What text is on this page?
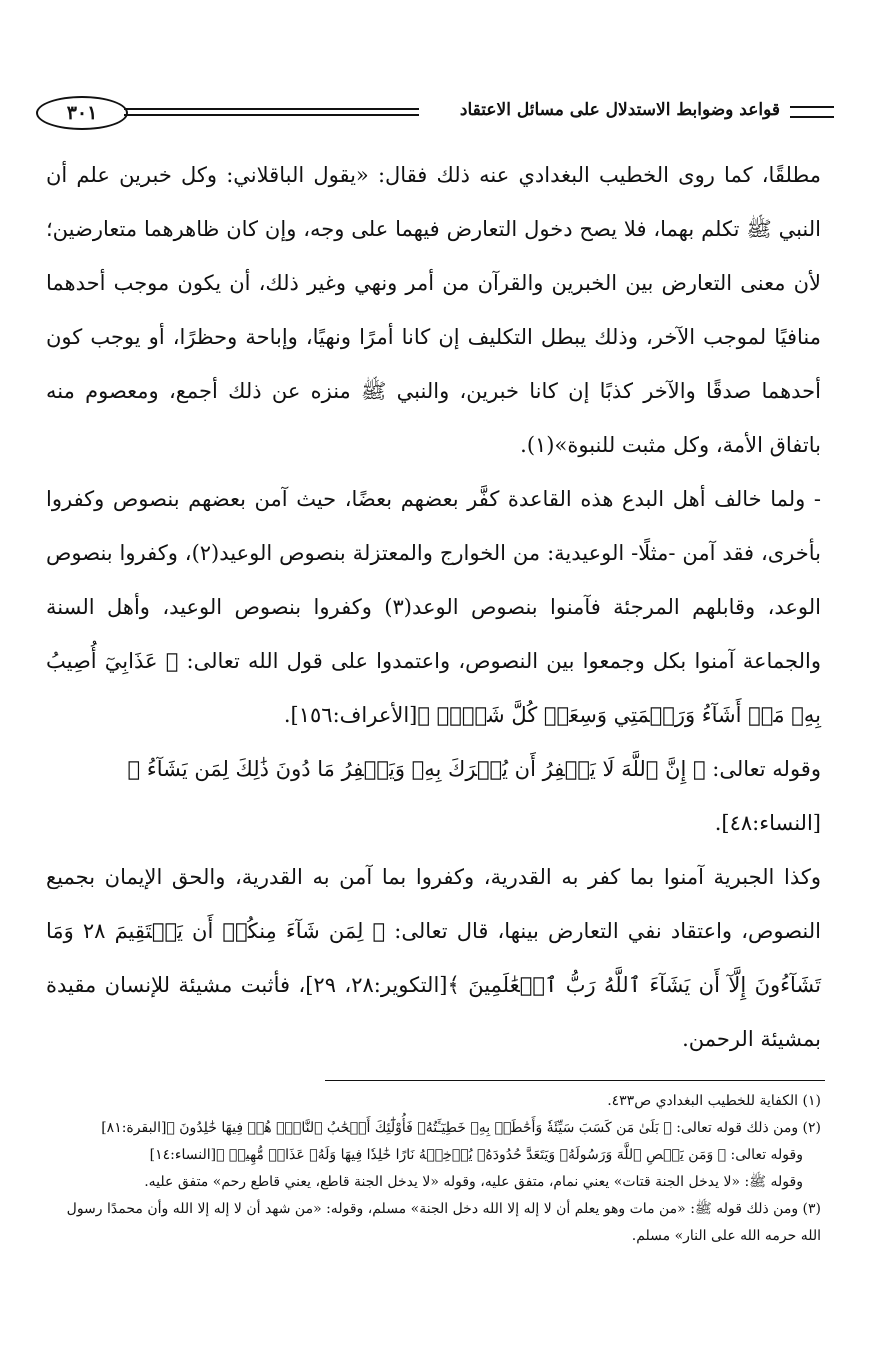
قواعد وضوابط الاستدلال على مسائل الاعتقاد
٣٠١

مطلقًا، كما روى الخطيب البغدادي عنه ذلك فقال: «يقول الباقلاني: وكل خبرين علم أن النبي ﷺ تكلم بهما، فلا يصح دخول التعارض فيهما على وجه، وإن كان ظاهرهما متعارضين؛ لأن معنى التعارض بين الخبرين والقرآن من أمر ونهي وغير ذلك، أن يكون موجب أحدهما منافيًا لموجب الآخر، وذلك يبطل التكليف إن كانا أمرًا ونهيًا، وإباحة وحظرًا، أو يوجب كون أحدهما صدقًا والآخر كذبًا إن كانا خبرين، والنبي ﷺ منزه عن ذلك أجمع، ومعصوم منه باتفاق الأمة، وكل مثبت للنبوة»(١).

- ولما خالف أهل البدع هذه القاعدة كفَّر بعضهم بعضًا، حيث آمن بعضهم بنصوص وكفروا بأخرى، فقد آمن -مثلًا- الوعيدية: من الخوارج والمعتزلة بنصوص الوعيد(٢)، وكفروا بنصوص الوعد، وقابلهم المرجئة فآمنوا بنصوص الوعد(٣) وكفروا بنصوص الوعيد، وأهل السنة والجماعة آمنوا بكل وجمعوا بين النصوص، واعتمدوا على قول الله تعالى: ﴿ عَذَابِيٓ أُصِيبُ بِهِۦ مَنۡ أَشَآءُ وَرَحۡمَتِي وَسِعَتۡ كُلَّ شَيۡءٖ ﴾[الأعراف:١٥٦].

وقوله تعالى: ﴿ إِنَّ ٱللَّهَ لَا يَغۡفِرُ أَن يُشۡرَكَ بِهِۦ وَيَغۡفِرُ مَا دُونَ ذَٰلِكَ لِمَن يَشَآءُ ﴾[النساء:٤٨].

وكذا الجبرية آمنوا بما كفر به القدرية، وكفروا بما آمن به القدرية، والحق الإيمان بجميع النصوص، واعتقاد نفي التعارض بينها، قال تعالى: ﴿ لِمَن شَآءَ مِنكُمۡ أَن يَسۡتَقِيمَ ٢٨ وَمَا تَشَآءُونَ إِلَّآ أَن يَشَآءَ ٱللَّهُ رَبُّ ٱلۡعَٰلَمِينَ ﴾[التكوير:٢٨، ٢٩]، فأثبت مشيئة للإنسان مقيدة بمشيئة الرحمن.

(١) الكفاية للخطيب البغدادي ص٤٣٣.

(٢) ومن ذلك قوله تعالى: ﴿ بَلَىٰ مَن كَسَبَ سَيِّئَةٗ وَأَحَٰطَتۡ بِهِۦ خَطِيٓـَٔتُهُۥ فَأُوْلَٰٓئِكَ أَصۡحَٰبُ ٱلنَّارِۖ هُمۡ فِيهَا خَٰلِدُونَ ﴾[البقرة:٨١]

وقوله تعالى: ﴿ وَمَن يَعۡصِ ٱللَّهَ وَرَسُولَهُۥ وَيَتَعَدَّ حُدُودَهُۥ يُدۡخِلۡهُ نَارًا خَٰلِدٗا فِيهَا وَلَهُۥ عَذَابٞ مُّهِينٞ ﴾[النساء:١٤]

وقوله ﷺ: «لا يدخل الجنة قتات» يعني نمام، متفق عليه، وقوله «لا يدخل الجنة قاطع، يعني قاطع رحم» متفق عليه.

(٣) ومن ذلك قوله ﷺ: «من مات وهو يعلم أن لا إله إلا الله دخل الجنة» مسلم، وقوله: «من شهد أن لا إله إلا الله وأن محمدًا رسول الله حرمه الله على النار» مسلم.
